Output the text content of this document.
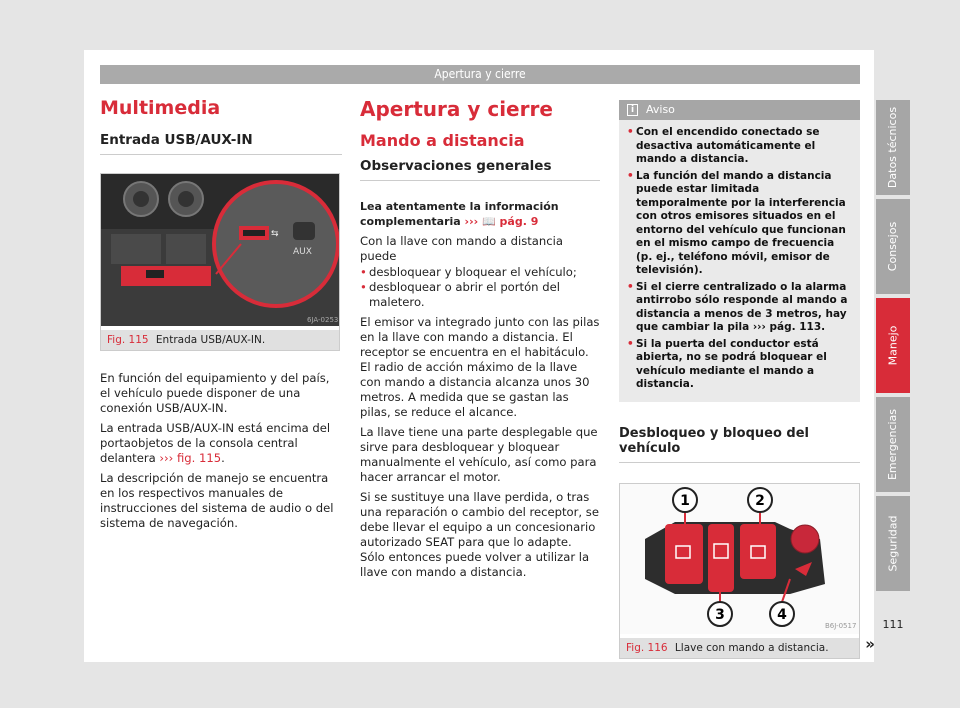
Apertura y cierre
Multimedia
Entrada USB/AUX-IN
⇆
AUX
6JA-0253
Fig. 115 Entrada USB/AUX-IN.

En función del equipamiento y del país, el vehículo puede disponer de una conexión USB/AUX-IN.

La entrada USB/AUX-IN está encima del portaobjetos de la consola central delantera ››› fig. 115.

La descripción de manejo se encuentra en los respectivos manuales de instrucciones del sistema de audio o del sistema de navegación.

Apertura y cierre
Mando a distancia
Observaciones generales

Lea atentamente la información complementaria ››› 📖 pág. 9

Con la llave con mando a distancia puede

• desbloquear y bloquear el vehículo;
• desbloquear o abrir el portón del maletero.

El emisor va integrado junto con las pilas en la llave con mando a distancia. El receptor se encuentra en el habitáculo. El radio de acción máximo de la llave con mando a distancia alcanza unos 30 metros. A medida que se gastan las pilas, se reduce el alcance.

La llave tiene una parte desplegable que sirve para desbloquear y bloquear manualmente el vehículo, así como para hacer arrancar el motor.

Si se sustituye una llave perdida, o tras una reparación o cambio del receptor, se debe llevar el equipo a un concesionario autorizado SEAT para que lo adapte. Sólo entonces puede volver a utilizar la llave con mando a distancia.

i	Aviso
• Con el encendido conectado se desactiva automáticamente el mando a distancia.
• La función del mando a distancia puede estar limitada temporalmente por la interferencia con otros emisores situados en el entorno del vehículo que funcionan en el mismo campo de frecuencia (p. ej., teléfono móvil, emisor de televisión).
• Si el cierre centralizado o la alarma antirrobo sólo responde al mando a distancia a menos de 3 metros, hay que cambiar la pila ››› pág. 113.
• Si la puerta del conductor está abierta, no se podrá bloquear el vehículo mediante el mando a distancia.
Desbloqueo y bloqueo del vehículo
1	2
3	4
B6J-0517
Fig. 116 Llave con mando a distancia. »
Datos técnicos
Consejos
Manejo
Emergencias
Seguridad
111
